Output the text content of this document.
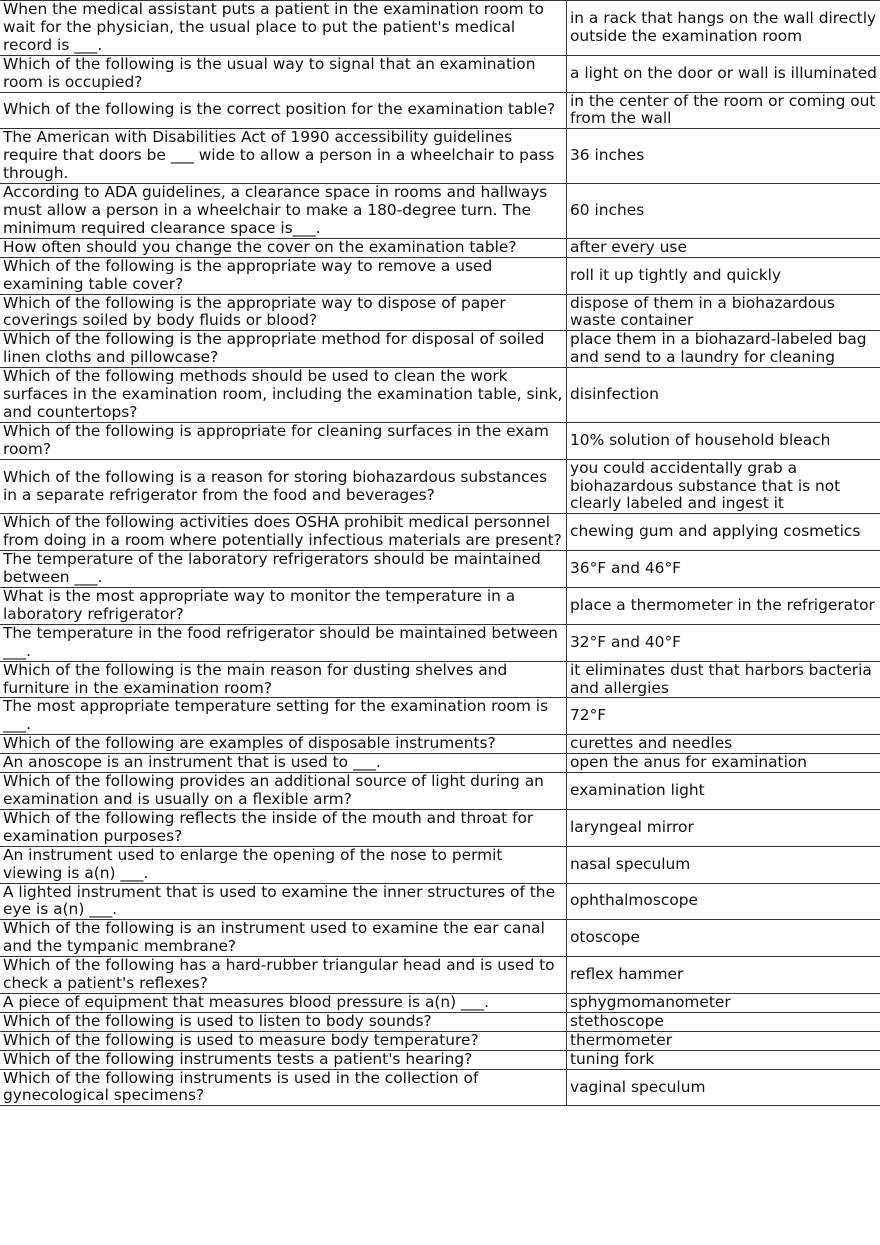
When the medical assistant puts a patient in the examination room to wait for the physician, the usual place to put the patient's medical record is ___.	in a rack that hangs on the wall directly outside the examination room
Which of the following is the usual way to signal that an examination room is occupied?	a light on the door or wall is illuminated
Which of the following is the correct position for the examination table?	in the center of the room or coming out from the wall
The American with Disabilities Act of 1990 accessibility guidelines require that doors be ___ wide to allow a person in a wheelchair to pass through.	36 inches
According to ADA guidelines, a clearance space in rooms and hallways must allow a person in a wheelchair to make a 180-degree turn. The minimum required clearance space is___.	60 inches
How often should you change the cover on the examination table?	after every use
Which of the following is the appropriate way to remove a used examining table cover?	roll it up tightly and quickly
Which of the following is the appropriate way to dispose of paper coverings soiled by body fluids or blood?	dispose of them in a biohazardous waste container
Which of the following is the appropriate method for disposal of soiled linen cloths and pillowcase?	place them in a biohazard-labeled bag and send to a laundry for cleaning
Which of the following methods should be used to clean the work surfaces in the examination room, including the examination table, sink, and countertops?	disinfection
Which of the following is appropriate for cleaning surfaces in the exam room?	10% solution of household bleach
Which of the following is a reason for storing biohazardous substances in a separate refrigerator from the food and beverages?	you could accidentally grab a biohazardous substance that is not clearly labeled and ingest it
Which of the following activities does OSHA prohibit medical personnel from doing in a room where potentially infectious materials are present?	chewing gum and applying cosmetics
The temperature of the laboratory refrigerators should be maintained between ___.	36°F and 46°F
What is the most appropriate way to monitor the temperature in a laboratory refrigerator?	place a thermometer in the refrigerator
The temperature in the food refrigerator should be maintained between ___.	32°F and 40°F
Which of the following is the main reason for dusting shelves and furniture in the examination room?	it eliminates dust that harbors bacteria and allergies
The most appropriate temperature setting for the examination room is ___.	72°F
Which of the following are examples of disposable instruments?	curettes and needles
An anoscope is an instrument that is used to ___.	open the anus for examination
Which of the following provides an additional source of light during an examination and is usually on a flexible arm?	examination light
Which of the following reflects the inside of the mouth and throat for examination purposes?	laryngeal mirror
An instrument used to enlarge the opening of the nose to permit viewing is a(n) ___.	nasal speculum
A lighted instrument that is used to examine the inner structures of the eye is a(n) ___.	ophthalmoscope
Which of the following is an instrument used to examine the ear canal and the tympanic membrane?	otoscope
Which of the following has a hard-rubber triangular head and is used to check a patient's reflexes?	reflex hammer
A piece of equipment that measures blood pressure is a(n) ___.	sphygmomanometer
Which of the following is used to listen to body sounds?	stethoscope
Which of the following is used to measure body temperature?	thermometer
Which of the following instruments tests a patient's hearing?	tuning fork
Which of the following instruments is used in the collection of gynecological specimens?	vaginal speculum
